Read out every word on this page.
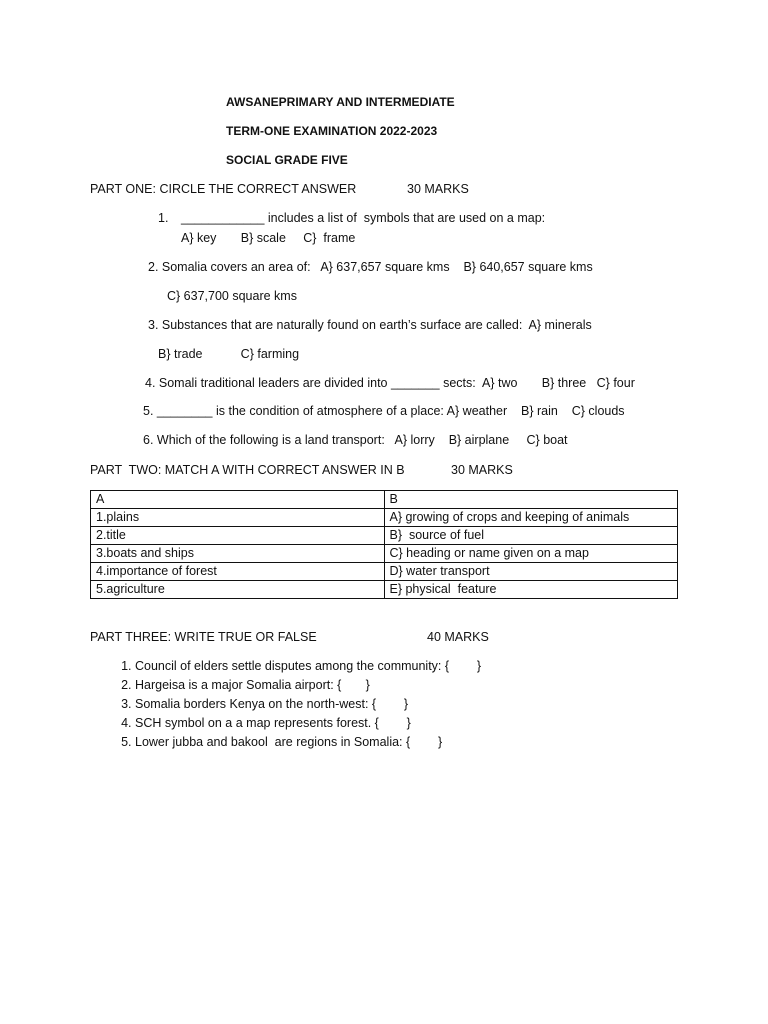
AWSANEPRIMARY AND INTERMEDIATE
TERM-ONE EXAMINATION 2022-2023
SOCIAL GRADE FIVE
PART ONE: CIRCLE THE CORRECT ANSWER	30 MARKS
1. ____________ includes a list of  symbols that are used on a map:
A} key       B} scale     C}  frame
2. Somalia covers an area of:   A} 637,657 square kms    B} 640,657 square kms
C} 637,700 square kms
3. Substances that are naturally found on earth’s surface are called:  A} minerals
B} trade           C} farming
4. Somali traditional leaders are divided into _______ sects:  A} two       B} three   C} four
5. ________ is the condition of atmosphere of a place: A} weather    B} rain    C} clouds
6. Which of the following is a land transport:   A} lorry    B} airplane     C} boat
PART  TWO: MATCH A WITH CORRECT ANSWER IN B	30 MARKS
A	B
1.plains	A} growing of crops and keeping of animals
2.title	B}  source of fuel
3.boats and ships	C} heading or name given on a map
4.importance of forest	D} water transport
5.agriculture	E} physical  feature
PART THREE: WRITE TRUE OR FALSE	40 MARKS
1. Council of elders settle disputes among the community: {        }
2. Hargeisa is a major Somalia airport: {       }
3. Somalia borders Kenya on the north-west: {        }
4. SCH symbol on a a map represents forest. {        }
5. Lower jubba and bakool  are regions in Somalia: {        }
